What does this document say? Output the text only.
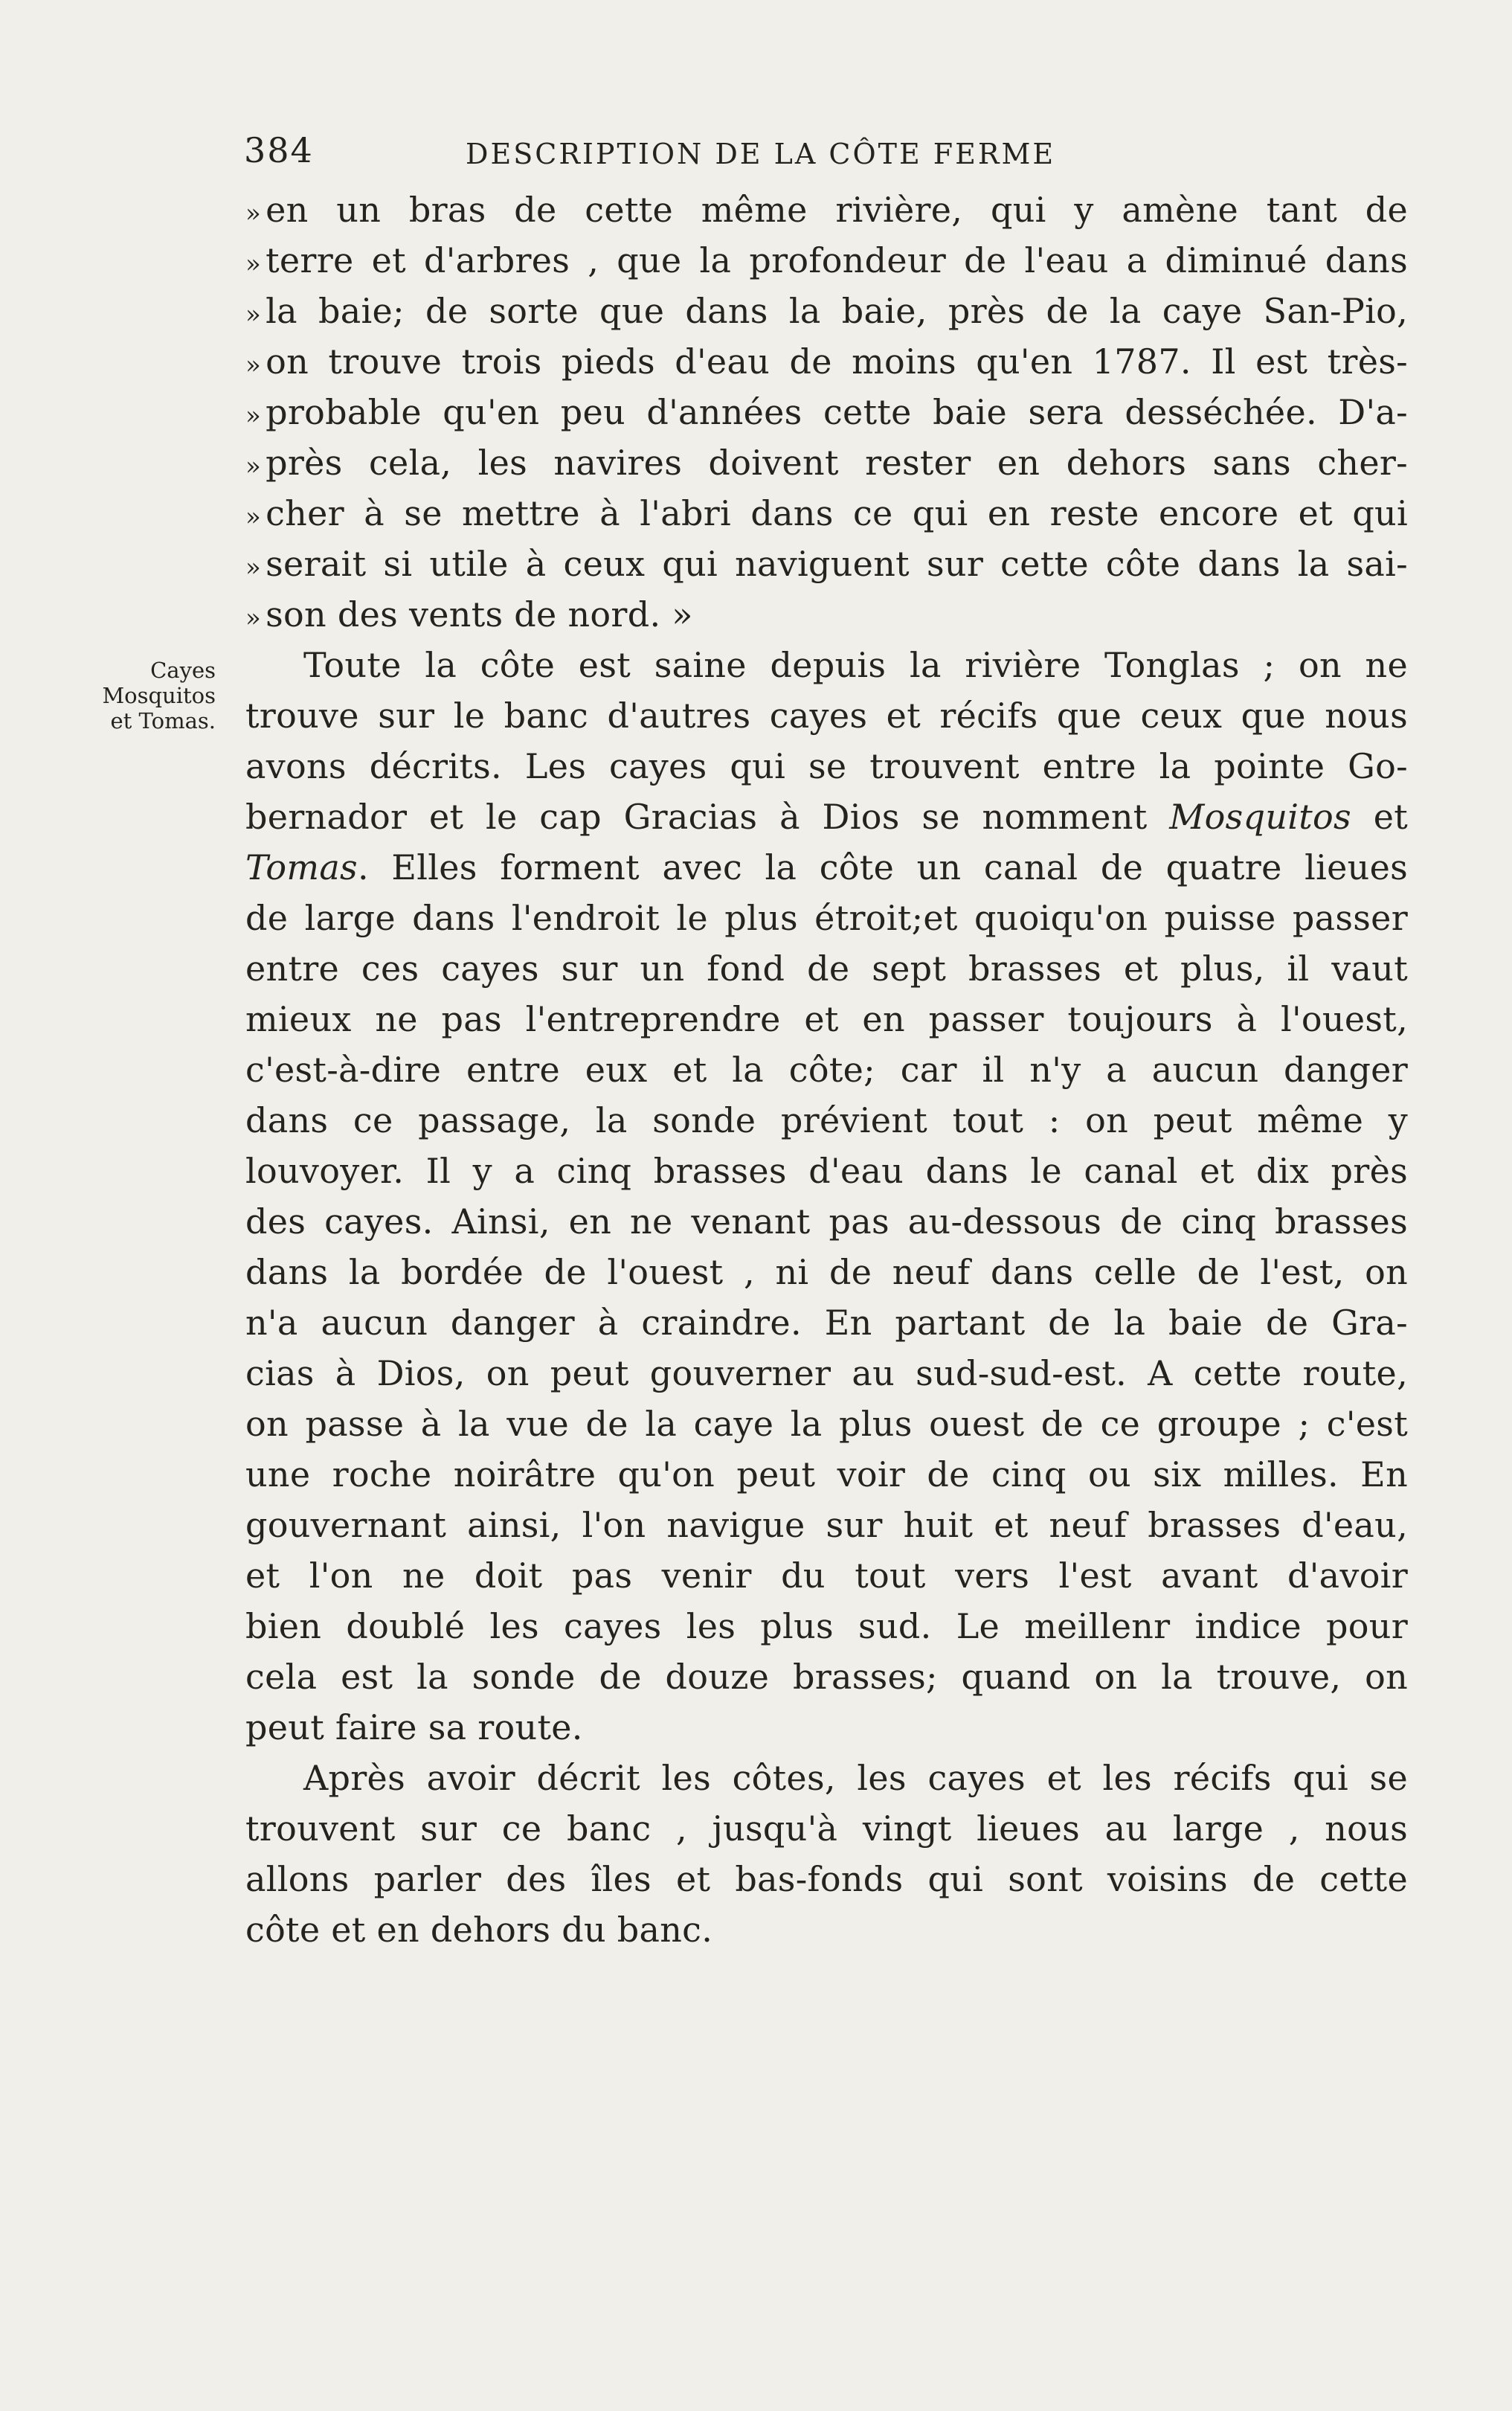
384	DESCRIPTION DE LA CÔTE FERME
Cayes
Mosquitos
et Tomas.
» en un bras de cette même rivière, qui y amène tant de
» terre et d'arbres , que la profondeur de l'eau a diminué dans
» la baie; de sorte que dans la baie, près de la caye San-Pio,
» on trouve trois pieds d'eau de moins qu'en 1787. Il est très-
» probable qu'en peu d'années cette baie sera desséchée. D'a-
» près cela, les navires doivent rester en dehors sans cher-
» cher à se mettre à l'abri dans ce qui en reste encore et qui
» serait si utile à ceux qui naviguent sur cette côte dans la sai-
» son des vents de nord. »
Toute la côte est saine depuis la rivière Tonglas ; on ne
trouve sur le banc d'autres cayes et récifs que ceux que nous
avons décrits. Les cayes qui se trouvent entre la pointe Go-
bernador et le cap Gracias à Dios se nomment Mosquitos et
Tomas. Elles forment avec la côte un canal de quatre lieues
de large dans l'endroit le plus étroit;et quoiqu'on puisse passer
entre ces cayes sur un fond de sept brasses et plus, il vaut
mieux ne pas l'entreprendre et en passer toujours à l'ouest,
c'est-à-dire entre eux et la côte; car il n'y a aucun danger
dans ce passage, la sonde prévient tout : on peut même y
louvoyer. Il y a cinq brasses d'eau dans le canal et dix près
des cayes. Ainsi, en ne venant pas au-dessous de cinq brasses
dans la bordée de l'ouest , ni de neuf dans celle de l'est, on
n'a aucun danger à craindre. En partant de la baie de Gra-
cias à Dios, on peut gouverner au sud-sud-est. A cette route,
on passe à la vue de la caye la plus ouest de ce groupe ; c'est
une roche noirâtre qu'on peut voir de cinq ou six milles. En
gouvernant ainsi, l'on navigue sur huit et neuf brasses d'eau,
et l'on ne doit pas venir du tout vers l'est avant d'avoir
bien doublé les cayes les plus sud. Le meillenr indice pour
cela est la sonde de douze brasses; quand on la trouve, on
peut faire sa route.
Après avoir décrit les côtes, les cayes et les récifs qui se
trouvent sur ce banc , jusqu'à vingt lieues au large , nous
allons parler des îles et bas-fonds qui sont voisins de cette
côte et en dehors du banc.
